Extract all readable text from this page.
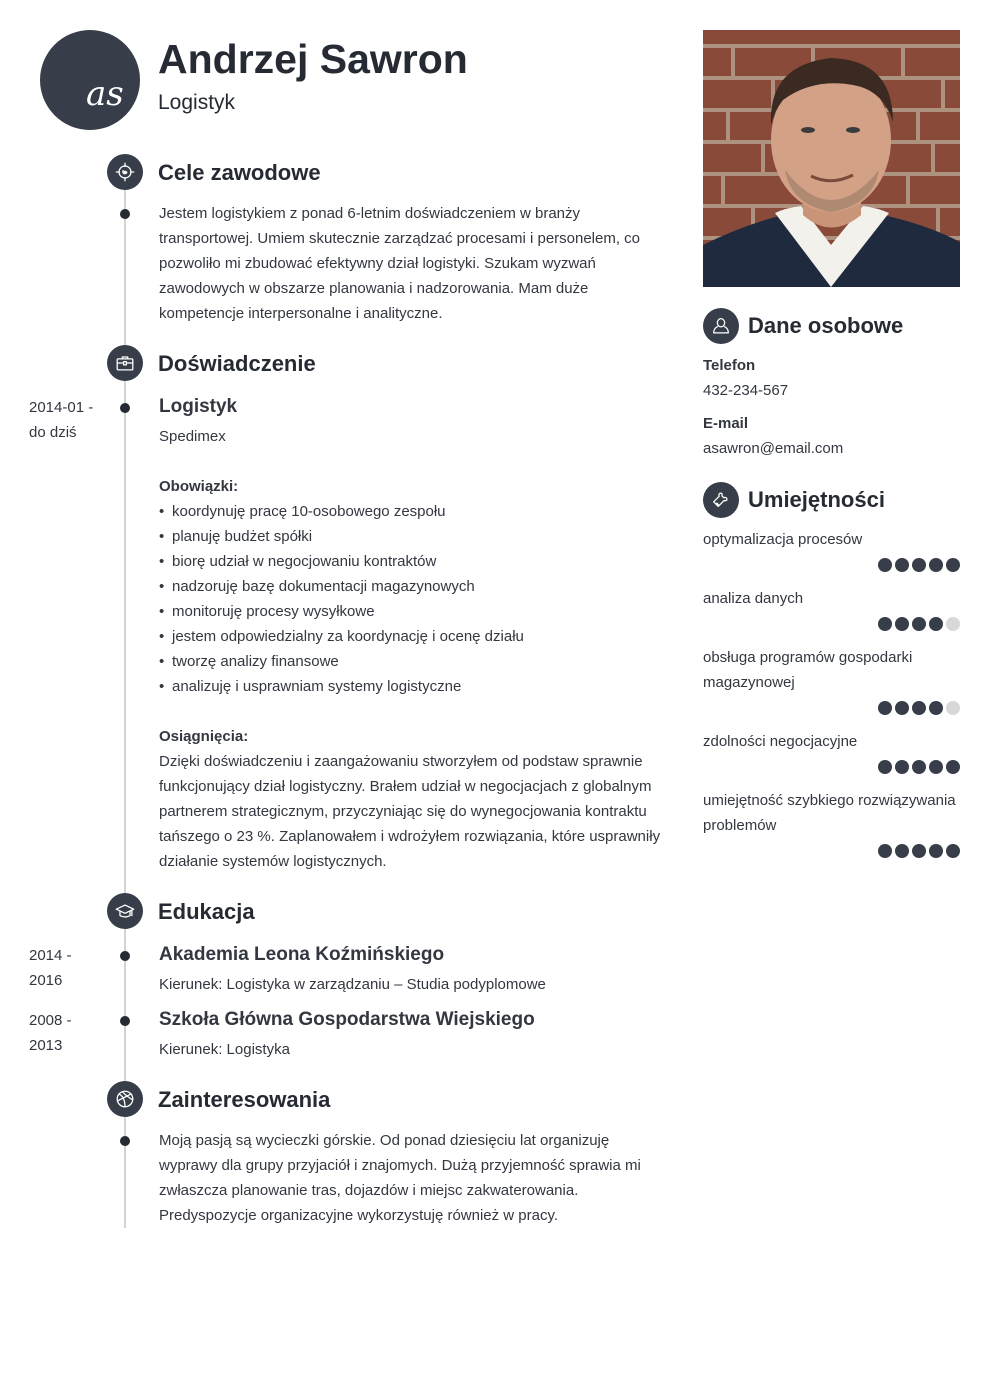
as
Andrzej Sawron
Logistyk
Cele zawodowe
Jestem logistykiem z ponad 6-letnim doświadczeniem w branży transportowej. Umiem skutecznie zarządzać procesami i personelem, co pozwoliło mi zbudować efektywny dział logistyki. Szukam wyzwań zawodowych w obszarze planowania i nadzorowania. Mam duże kompetencje interpersonalne i analityczne.
Doświadczenie
2014-01 -
do dziś
Logistyk
Spedimex
Obowiązki:
• koordynuję pracę 10-osobowego zespołu
• planuję budżet spółki
• biorę udział w negocjowaniu kontraktów
• nadzoruję bazę dokumentacji magazynowych
• monitoruję procesy wysyłkowe
• jestem odpowiedzialny za koordynację i ocenę działu
• tworzę analizy finansowe
• analizuję i usprawniam systemy logistyczne
Osiągnięcia:
Dzięki doświadczeniu i zaangażowaniu stworzyłem od podstaw sprawnie funkcjonujący dział logistyczny. Brałem udział w negocjacjach z globalnym partnerem strategicznym, przyczyniając się do wynegocjowania kontraktu tańszego o 23 %. Zaplanowałem i wdrożyłem rozwiązania, które usprawniły działanie systemów logistycznych.
Edukacja
2014 -
2016
Akademia Leona Koźmińskiego
Kierunek: Logistyka w zarządzaniu – Studia podyplomowe
2008 -
2013
Szkoła Główna Gospodarstwa Wiejskiego
Kierunek: Logistyka
Zainteresowania
Moją pasją są wycieczki górskie. Od ponad dziesięciu lat organizuję wyprawy dla grupy przyjaciół i znajomych. Dużą przyjemność sprawia mi zwłaszcza planowanie tras, dojazdów i miejsc zakwaterowania. Predyspozycje organizacyjne wykorzystuję również w pracy.
Dane osobowe
Telefon
432-234-567
E-mail
asawron@email.com
Umiejętności
optymalizacja procesów
analiza danych
obsługa programów gospodarki magazynowej
zdolności negocjacyjne
umiejętność szybkiego rozwiązywania problemów
